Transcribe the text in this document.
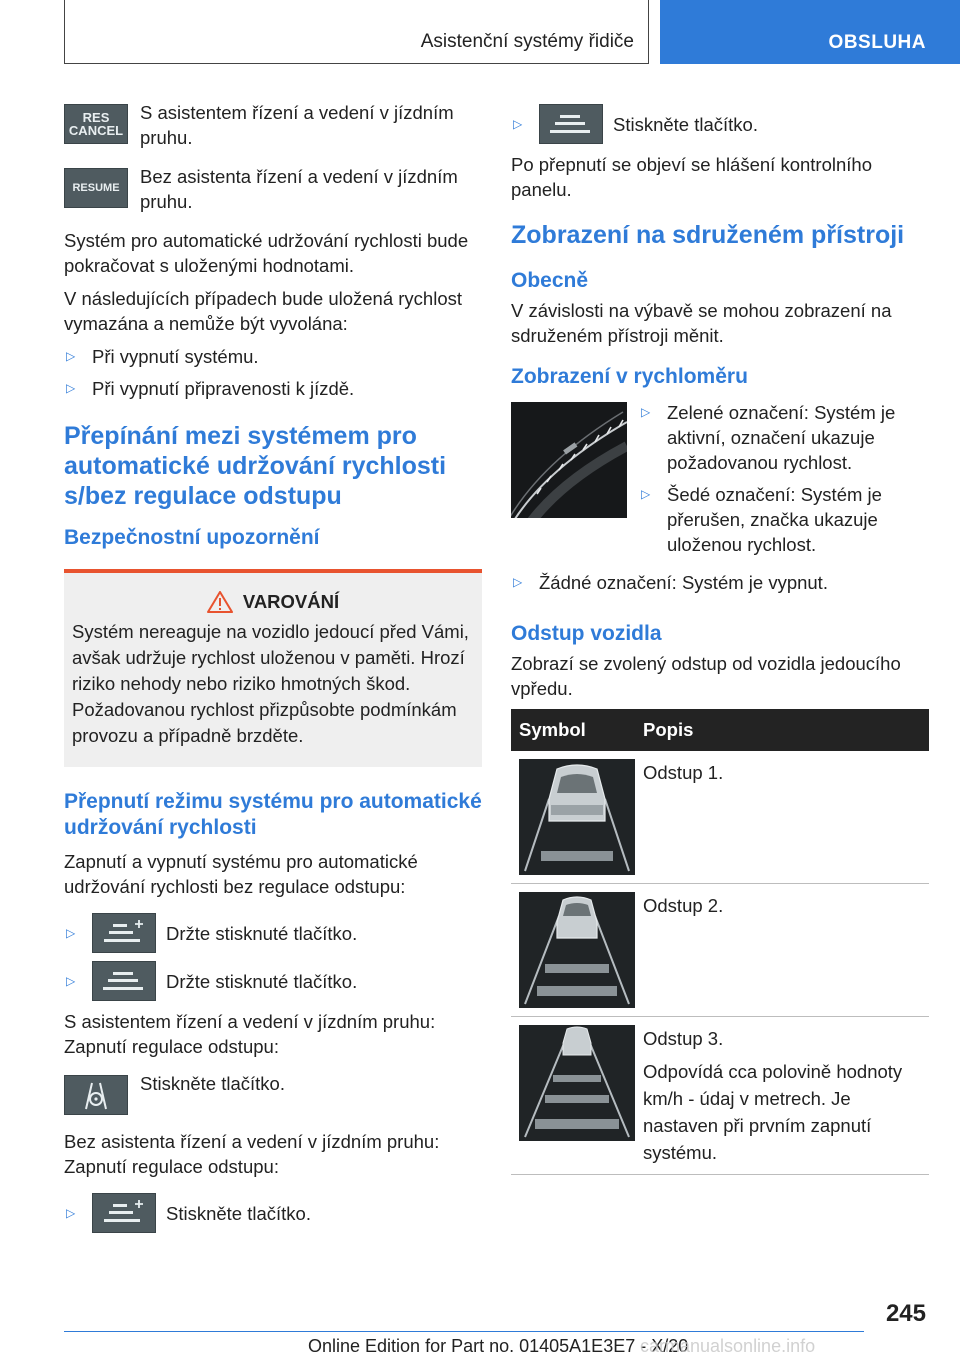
Asistenční systémy řidiče	OBSLUHA
RES CANCEL
S asistentem řízení a vedení v jízdním pruhu.
RESUME
Bez asistenta řízení a vedení v jízdním pruhu.

Systém pro automatické udržování rychlosti bude pokračovat s uloženými hodnotami.

V následujících případech bude uložená rychlost vymazána a nemůže být vyvolána:

▷ Při vypnutí systému.
▷ Při vypnutí připravenosti k jízdě.
Přepínání mezi systémem pro automatické udržování rychlosti s/bez regulace odstupu
Bezpečnostní upozornění
VAROVÁNÍ
Systém nereaguje na vozidlo jedoucí před Vámi, avšak udržuje rychlost uloženou v paměti. Hrozí riziko nehody nebo riziko hmotných škod. Požadovanou rychlost přizpůsobte podmínkám provozu a případně brzděte.
Přepnutí režimu systému pro automatické udržování rychlosti

Zapnutí a vypnutí systému pro automatické udržování rychlosti bez regulace odstupu:

▷	Držte stisknuté tlačítko.
▷	Držte stisknuté tlačítko.

S asistentem řízení a vedení v jízdním pruhu: Zapnutí regulace odstupu:

Stiskněte tlačítko.

Bez asistenta řízení a vedení v jízdním pruhu: Zapnutí regulace odstupu:

▷	Stiskněte tlačítko.
▷	Stiskněte tlačítko.

Po přepnutí se objeví se hlášení kontrolního panelu.

Zobrazení na sdruženém přístroji
Obecně

V závislosti na výbavě se mohou zobrazení na sdruženém přístroji měnit.

Zobrazení v rychloměru
▷ Zelené označení: Systém je aktivní, označení ukazuje požadovanou rychlost.
▷ Šedé označení: Systém je přerušen, značka ukazuje uloženou rychlost.
▷ Žádné označení: Systém je vypnut.
Odstup vozidla

Zobrazí se zvolený odstup od vozidla jedoucího vpředu.

Symbol	Popis

Odstup 1.

Odstup 2.

Odstup 3.
Odpovídá cca polovině hodnoty km/h - údaj v metrech. Je nastaven při prvním zapnutí systému.
245
Online Edition for Part no. 01405A1E3E7 - X/20
carmanualsonline.info
